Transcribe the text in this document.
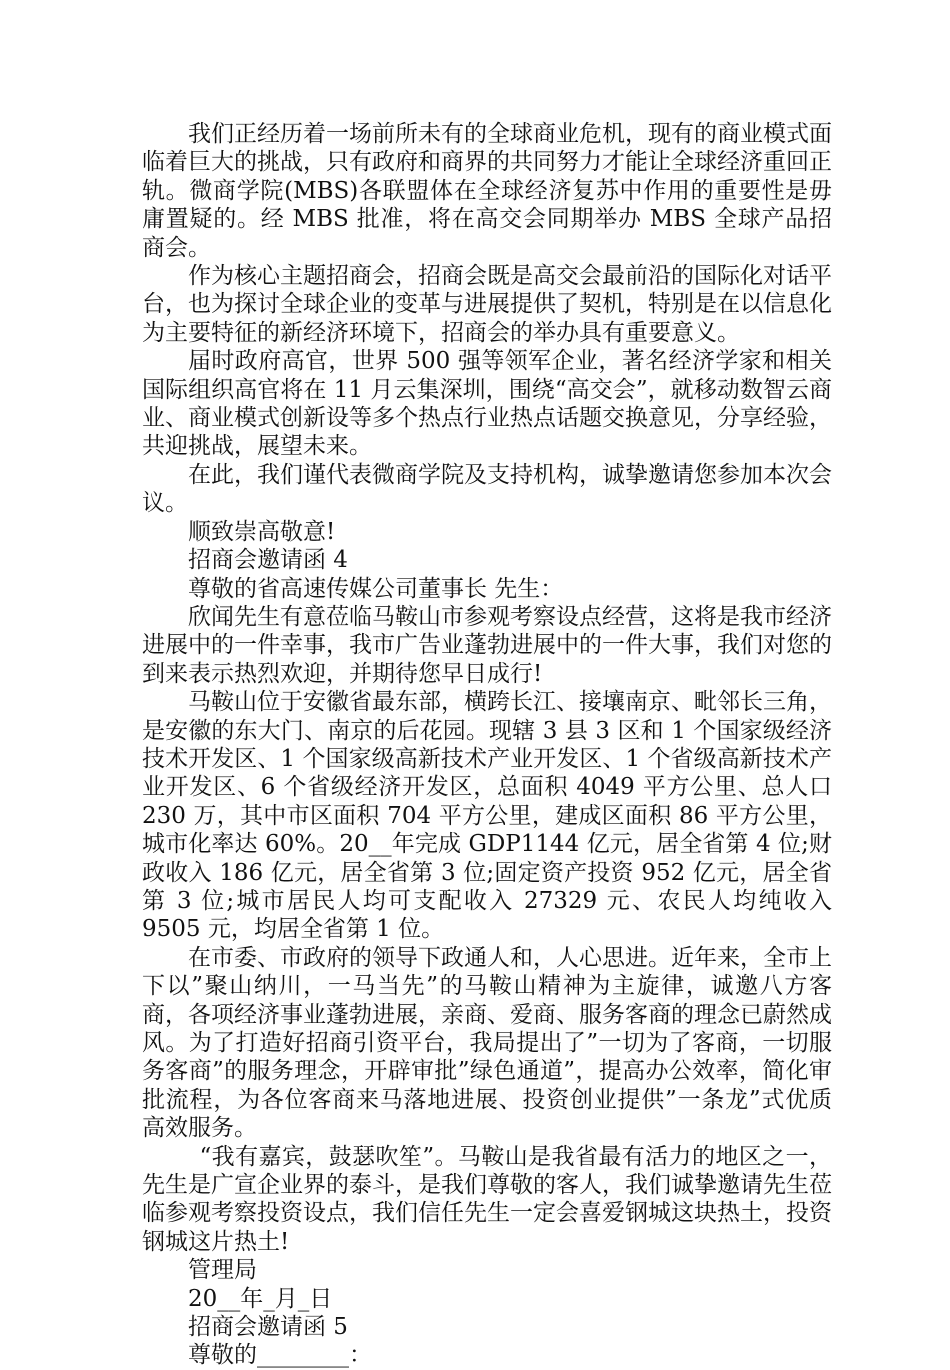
我们正经历着一场前所未有的全球商业危机，现有的商业模式面临着巨大的挑战，只有政府和商界的共同努力才能让全球经济重回正轨。微商学院(MBS)各联盟体在全球经济复苏中作用的重要性是毋庸置疑的。经 MBS 批准，将在高交会同期举办 MBS 全球产品招商会。

作为核心主题招商会，招商会既是高交会最前沿的国际化对话平台，也为探讨全球企业的变革与进展提供了契机，特别是在以信息化为主要特征的新经济环境下，招商会的举办具有重要意义。

届时政府高官，世界 500 强等领军企业，著名经济学家和相关国际组织高官将在 11 月云集深圳，围绕“高交会”，就移动数智云商业、商业模式创新设等多个热点行业热点话题交换意见，分享经验，共迎挑战，展望未来。

在此，我们谨代表微商学院及支持机构，诚挚邀请您参加本次会议。

顺致崇高敬意!

招商会邀请函 4

尊敬的省高速传媒公司董事长 先生：

欣闻先生有意莅临马鞍山市参观考察设点经营，这将是我市经济进展中的一件幸事，我市广告业蓬勃进展中的一件大事，我们对您的到来表示热烈欢迎，并期待您早日成行!

马鞍山位于安徽省最东部，横跨长江、接壤南京、毗邻长三角，是安徽的东大门、南京的后花园。现辖 3 县 3 区和 1 个国家级经济技术开发区、1 个国家级高新技术产业开发区、1 个省级高新技术产业开发区、6 个省级经济开发区，总面积 4049 平方公里、总人口 230 万，其中市区面积 704 平方公里，建成区面积 86 平方公里，城市化率达 60%。20__年完成 GDP1144 亿元，居全省第 4 位;财政收入 186 亿元，居全省第 3 位;固定资产投资 952 亿元，居全省第 3 位;城市居民人均可支配收入 27329 元、农民人均纯收入 9505 元，均居全省第 1 位。

在市委、市政府的领导下政通人和，人心思进。近年来，全市上下以”聚山纳川，一马当先”的马鞍山精神为主旋律，诚邀八方客商，各项经济事业蓬勃进展，亲商、爱商、服务客商的理念已蔚然成风。为了打造好招商引资平台，我局提出了”一切为了客商，一切服务客商”的服务理念，开辟审批”绿色通道”，提高办公效率，简化审批流程，为各位客商来马落地进展、投资创业提供”一条龙”式优质高效服务。

“我有嘉宾，鼓瑟吹笙”。马鞍山是我省最有活力的地区之一，先生是广宣企业界的泰斗，是我们尊敬的客人，我们诚挚邀请先生莅临参观考察投资设点，我们信任先生一定会喜爱钢城这块热土，投资钢城这片热土!

管理局

20__年_月_日

招商会邀请函 5

尊敬的________：
